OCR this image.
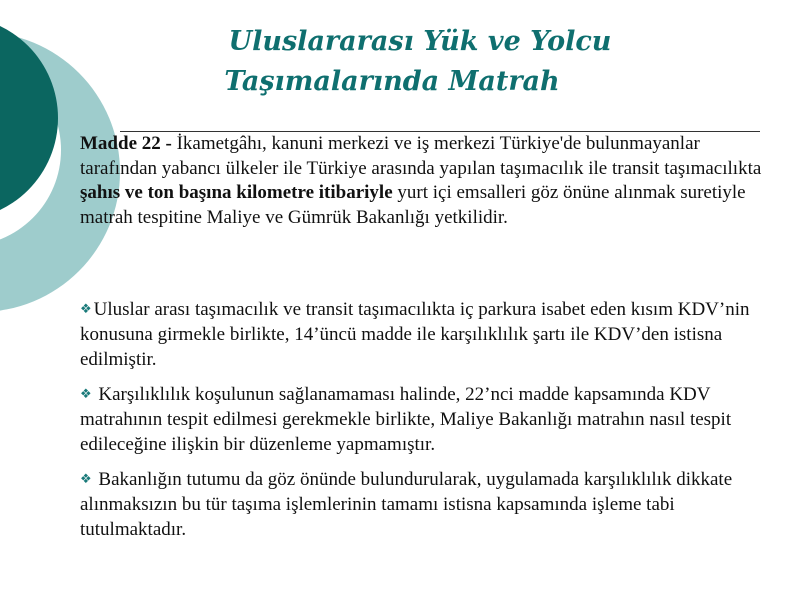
Uluslararası Yük ve Yolcu
Taşımalarında Matrah
Madde 22 - İkametgâhı, kanuni merkezi ve iş merkezi Türkiye'de bulunmayanlar tarafından yabancı ülkeler ile Türkiye arasında yapılan taşımacılık ile transit taşımacılıkta şahıs ve ton başına kilometre itibariyle yurt içi emsalleri göz önüne alınmak suretiyle matrah tespitine Maliye ve Gümrük Bakanlığı yetkilidir.
❖ Uluslar arası taşımacılık ve transit taşımacılıkta iç parkura isabet eden kısım KDV’nin konusuna girmekle birlikte, 14’üncü madde ile karşılıklılık şartı ile KDV’den istisna edilmiştir.
❖ Karşılıklılık koşulunun sağlanamaması halinde, 22’nci madde kapsamında KDV matrahının tespit edilmesi gerekmekle birlikte, Maliye Bakanlığı matrahın nasıl tespit edileceğine ilişkin bir düzenleme yapmamıştır.
❖ Bakanlığın tutumu da göz önünde bulundurularak, uygulamada karşılıklılık dikkate alınmaksızın bu tür taşıma işlemlerinin tamamı istisna kapsamında işleme tabi tutulmaktadır.
